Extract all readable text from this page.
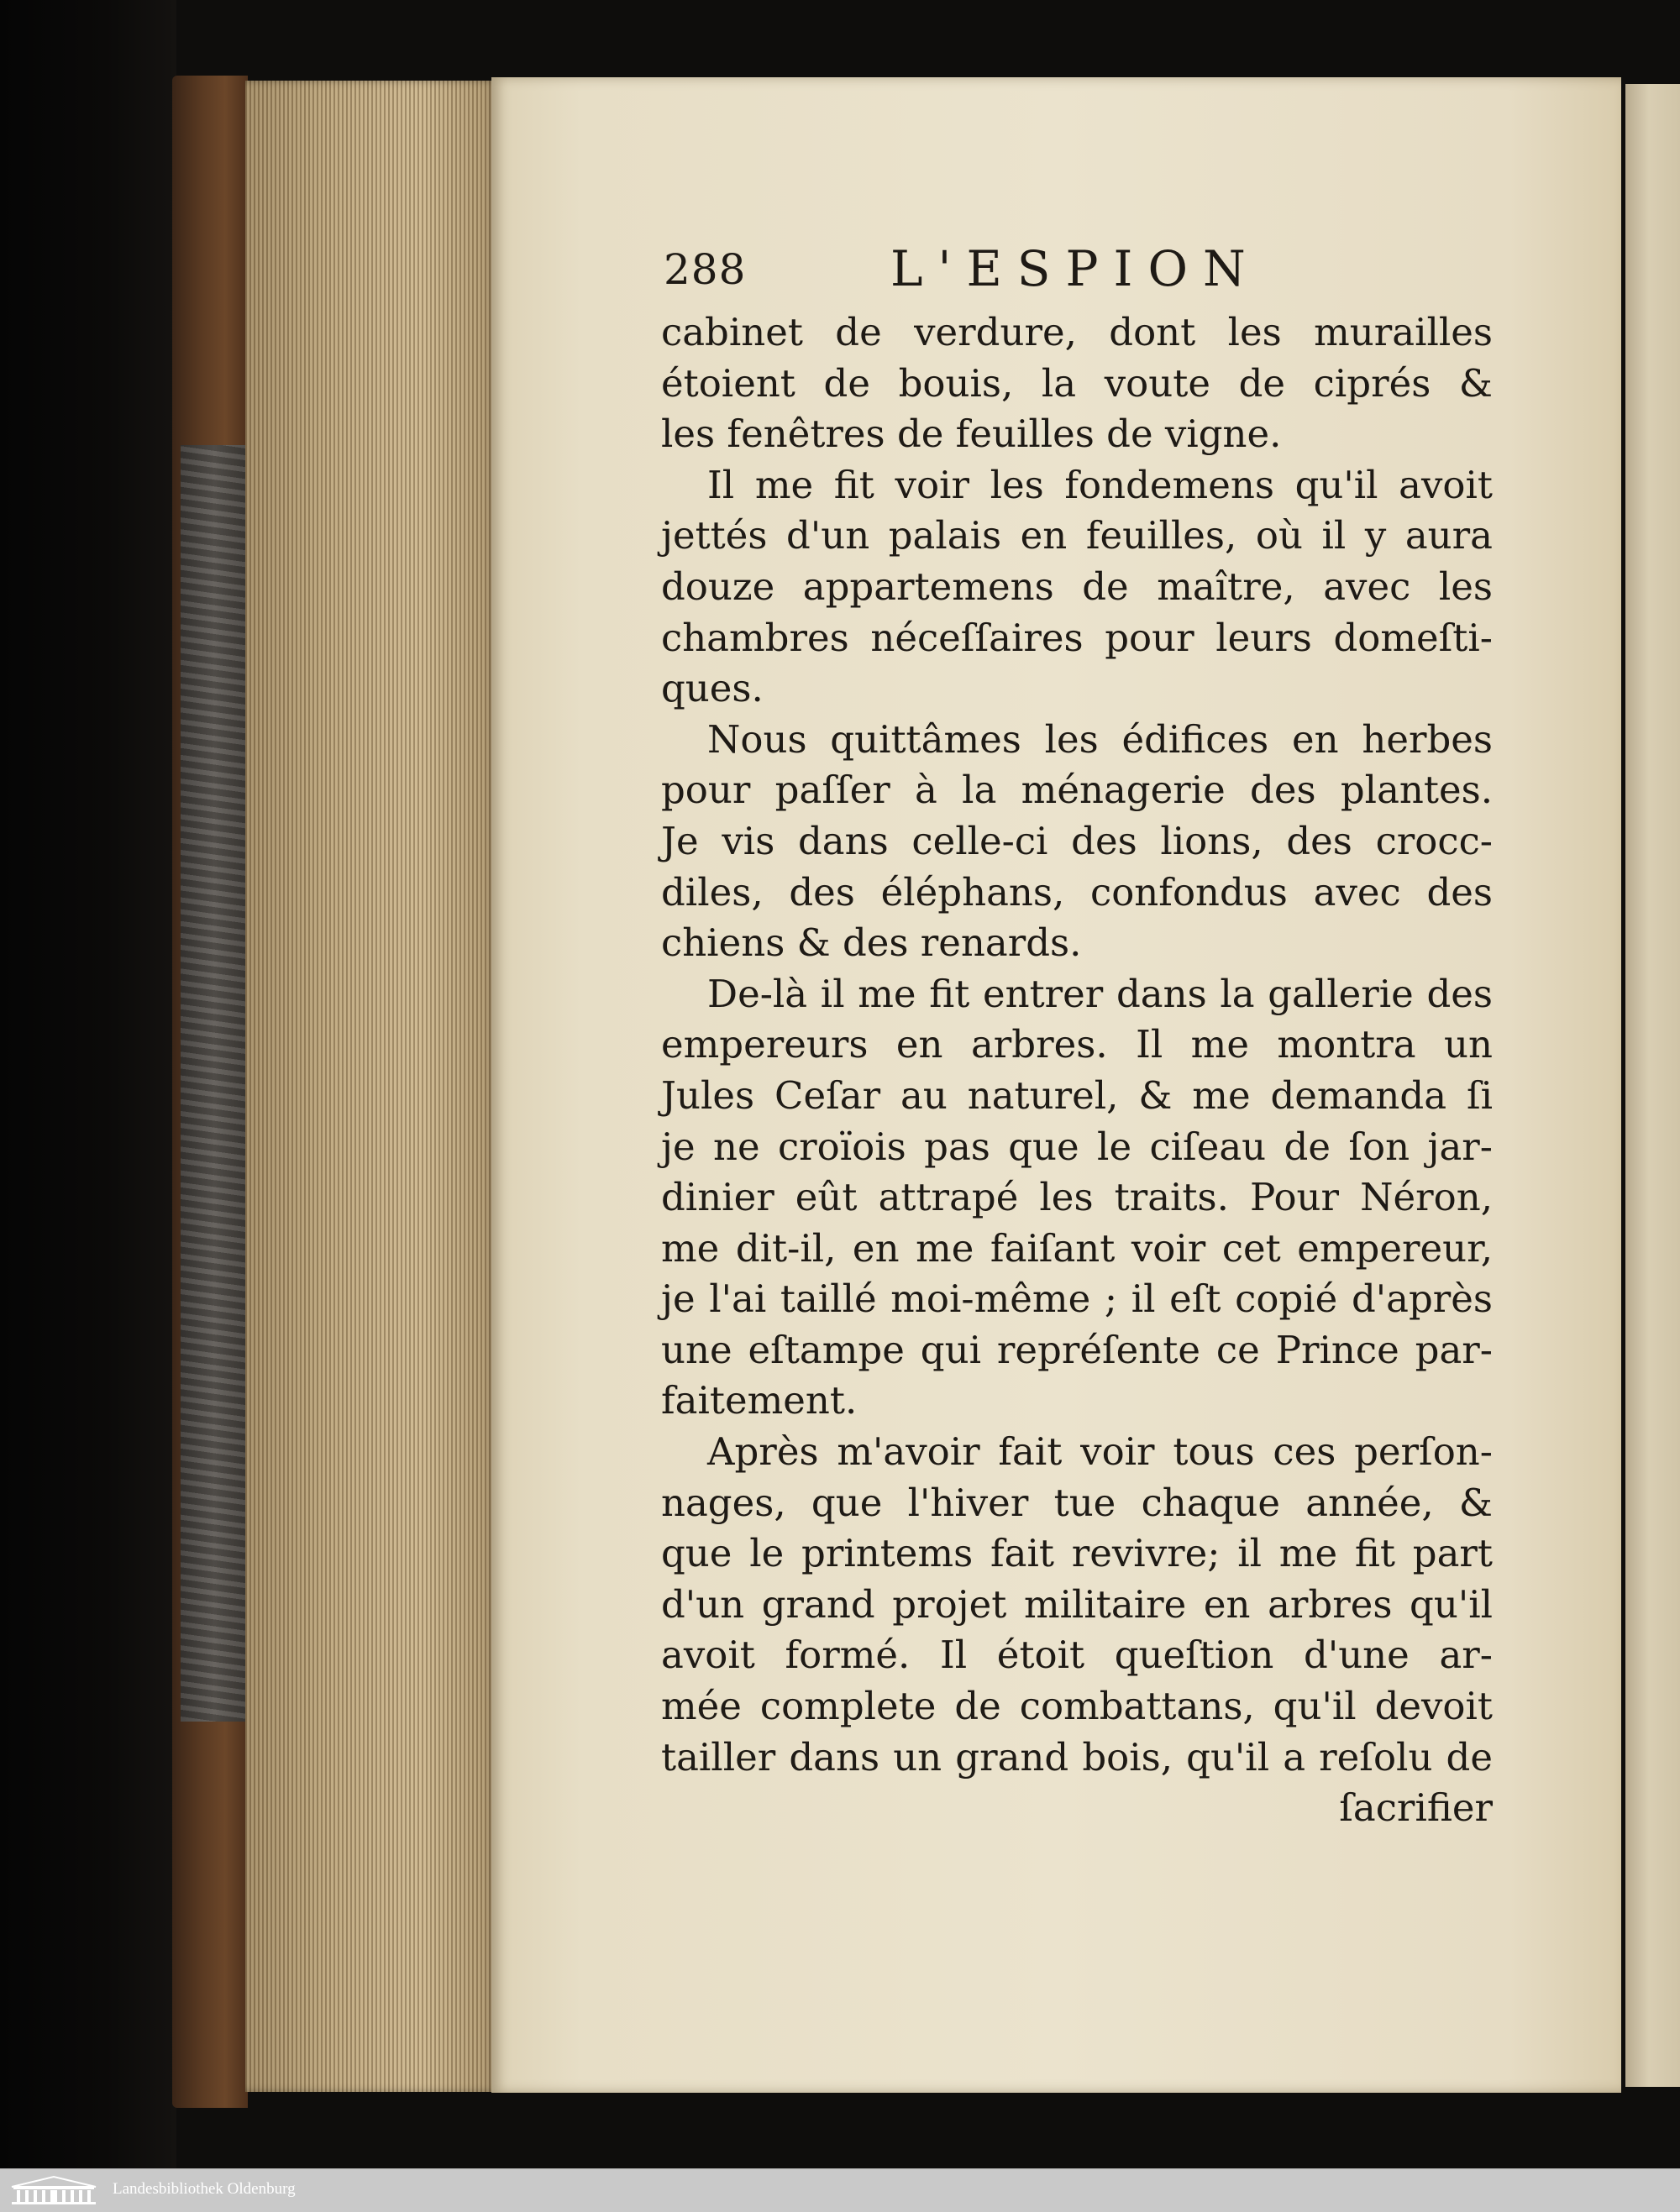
288	L'ESPION
cabinet de verdure, dont les murailles
étoient de bouis, la voute de ciprés &
les fenêtres de feuilles de vigne.
Il me fit voir les fondemens qu'il avoit
jettés d'un palais en feuilles, où il y aura
douze appartemens de maître, avec les
chambres néceſſaires pour leurs domeſti-
ques.
Nous quittâmes les édifices en herbes
pour paſſer à la ménagerie des plantes.
Je vis dans celle-ci des lions, des crocc-
diles, des éléphans, confondus avec des
chiens & des renards.
De-là il me fit entrer dans la gallerie des
empereurs en arbres. Il me montra un
Jules Ceſar au naturel, & me demanda ſi
je ne croïois pas que le ciſeau de ſon jar-
dinier eût attrapé les traits. Pour Néron,
me dit-il, en me faiſant voir cet empereur,
je l'ai taillé moi-même ; il eſt copié d'après
une eſtampe qui repréſente ce Prince par-
faitement.
Après m'avoir fait voir tous ces perſon-
nages, que l'hiver tue chaque année, &
que le printems fait revivre; il me fit part
d'un grand projet militaire en arbres qu'il
avoit formé. Il étoit queſtion d'une ar-
mée complete de combattans, qu'il devoit
tailler dans un grand bois, qu'il a reſolu de
ſacrifier
Landesbibliothek Oldenburg
